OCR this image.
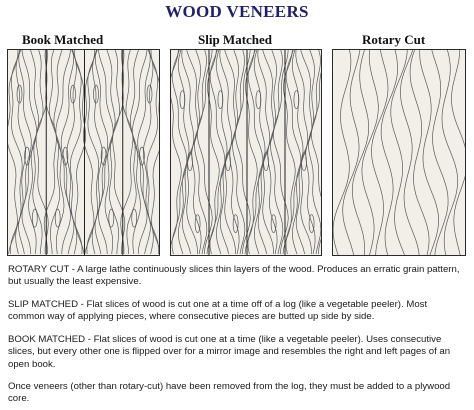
WOOD VENEERS
Book Matched	Slip Matched	Rotary Cut

ROTARY CUT - A large lathe continuously slices thin layers of the wood. Produces an erratic grain pattern, but usually the least expensive.

SLIP MATCHED - Flat slices of wood is cut one at a time off of a log (like a vegetable peeler). Most common way of applying pieces, where consecutive pieces are butted up side by side.

BOOK MATCHED - Flat slices of wood is cut one at a time (like a vegetable peeler). Uses consecutive slices, but every other one is flipped over for a mirror image and resembles the right and left pages of an open book.

Once veneers (other than rotary-cut) have been removed from the log, they must be added to a plywood core.
